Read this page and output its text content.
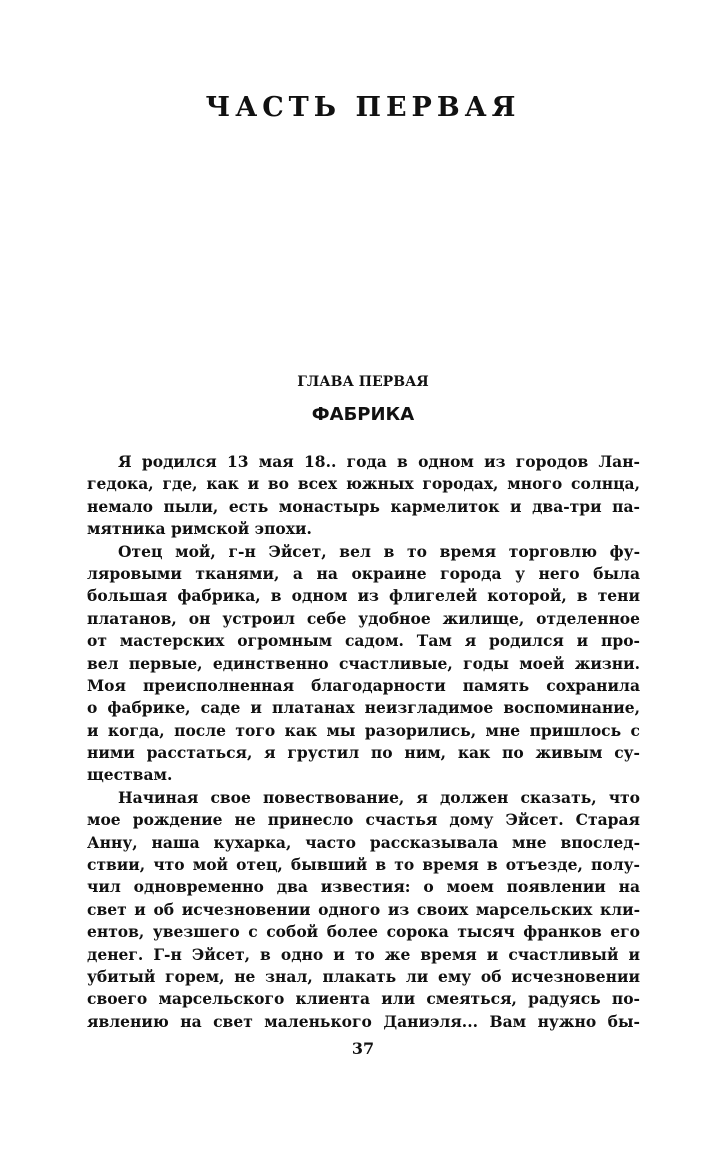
ЧАСТЬ ПЕРВАЯ
ГЛАВА ПЕРВАЯ
ФАБРИКА
Я родился 13 мая 18.. года в одном из городов Лан-
гедока, где, как и во всех южных городах, много солнца,
немало пыли, есть монастырь кармелиток и два-три па-
мятника римской эпохи.
Отец мой, г-н Эйсет, вел в то время торговлю фу-
ляровыми тканями, а на окраине города у него была
большая фабрика, в одном из флигелей которой, в тени
платанов, он устроил себе удобное жилище, отделенное
от мастерских огромным садом. Там я родился и про-
вел первые, единственно счастливые, годы моей жизни.
Моя преисполненная благодарности память сохранила
о фабрике, саде и платанах неизгладимое воспоминание,
и когда, после того как мы разорились, мне пришлось с
ними расстаться, я грустил по ним, как по живым су-
ществам.
Начиная свое повествование, я должен сказать, что
мое рождение не принесло счастья дому Эйсет. Старая
Анну, наша кухарка, часто рассказывала мне впослед-
ствии, что мой отец, бывший в то время в отъезде, полу-
чил одновременно два известия: о моем появлении на
свет и об исчезновении одного из своих марсельских кли-
ентов, увезшего с собой более сорока тысяч франков его
денег. Г-н Эйсет, в одно и то же время и счастливый и
убитый горем, не знал, плакать ли ему об исчезновении
своего марсельского клиента или смеяться, радуясь по-
явлению на свет маленького Даниэля... Вам нужно бы-
37
